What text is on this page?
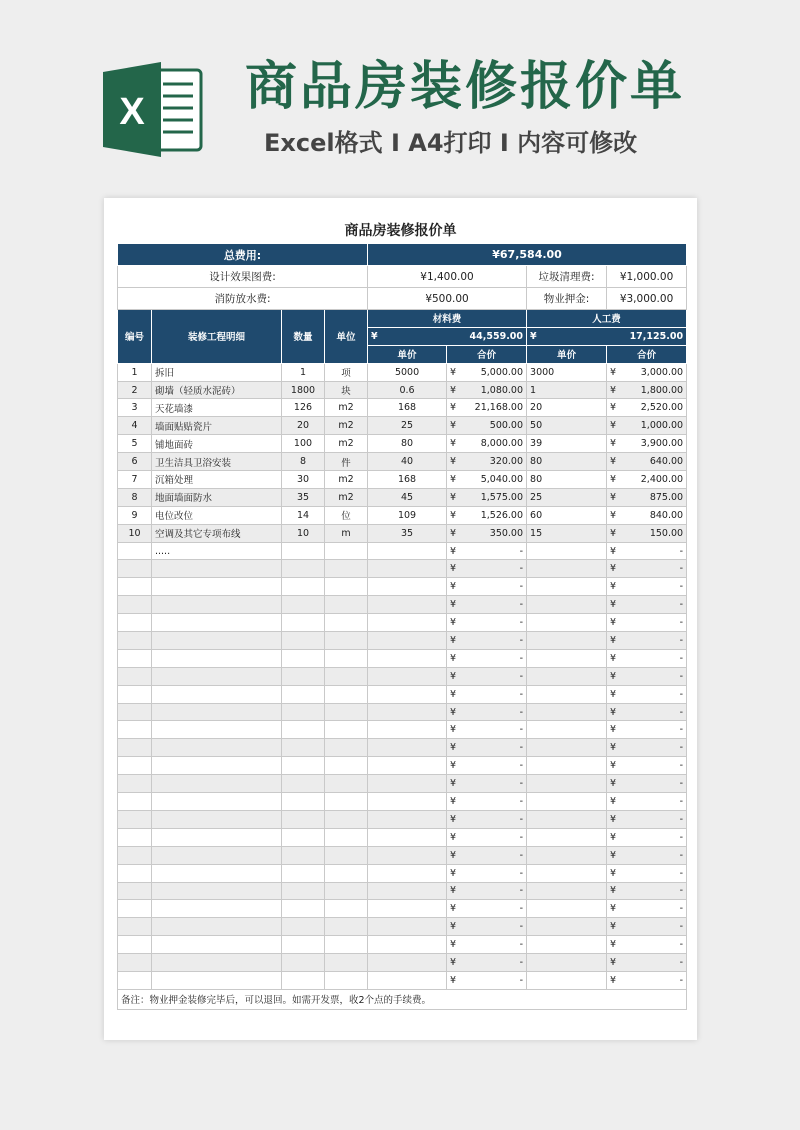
X 商品房装修报价单
Excel格式 I A4打印 I 内容可修改
商品房装修报价单
总费用:				¥67,584.00			
设计效果图费:				¥1,400.00		垃圾清理费:	¥1,000.00
消防放水费:				¥500.00		物业押金:	¥3,000.00
编号	装修工程明细	数量	单位	材料费		人工费	

				¥ 44,559.00		¥ 17,125.00	

				单价	合价	单价	合价
1	拆旧	1	项	5000	¥ 5,000.00	3000	¥ 3,000.00

2	砌墙（轻质水泥砖）	1800	块	0.6	¥ 1,080.00	1	¥ 1,800.00

3	天花墙漆	126	m2	168	¥ 21,168.00	20	¥ 2,520.00

4	墙面贴贴瓷片	20	m2	25	¥ 500.00	50	¥ 1,000.00

5	铺地面砖	100	m2	80	¥ 8,000.00	39	¥ 3,900.00

6	卫生洁具卫浴安装	8	件	40	¥ 320.00	80	¥ 640.00

7	沉箱处理	30	m2	168	¥ 5,040.00	80	¥ 2,400.00

8	地面墙面防水	35	m2	45	¥ 1,575.00	25	¥ 875.00

9	电位改位	14	位	109	¥ 1,526.00	60	¥ 840.00

10	空调及其它专项布线	10	m	35	¥ 350.00	15	¥ 150.00

	.....				¥ -		¥ -

					¥ -		¥ -

					¥ -		¥ -

					¥ -		¥ -

					¥ -		¥ -

					¥ -		¥ -

					¥ -		¥ -

					¥ -		¥ -

					¥ -		¥ -

					¥ -		¥ -

					¥ -		¥ -

					¥ -		¥ -

					¥ -		¥ -

					¥ -		¥ -

					¥ -		¥ -

					¥ -		¥ -

					¥ -		¥ -

					¥ -		¥ -

					¥ -		¥ -

					¥ -		¥ -

					¥ -		¥ -

					¥ -		¥ -

					¥ -		¥ -

					¥ -		¥ -

					¥ -		¥ -

备注：物业押金装修完毕后，可以退回。如需开发票，收2个点的手续费。							
